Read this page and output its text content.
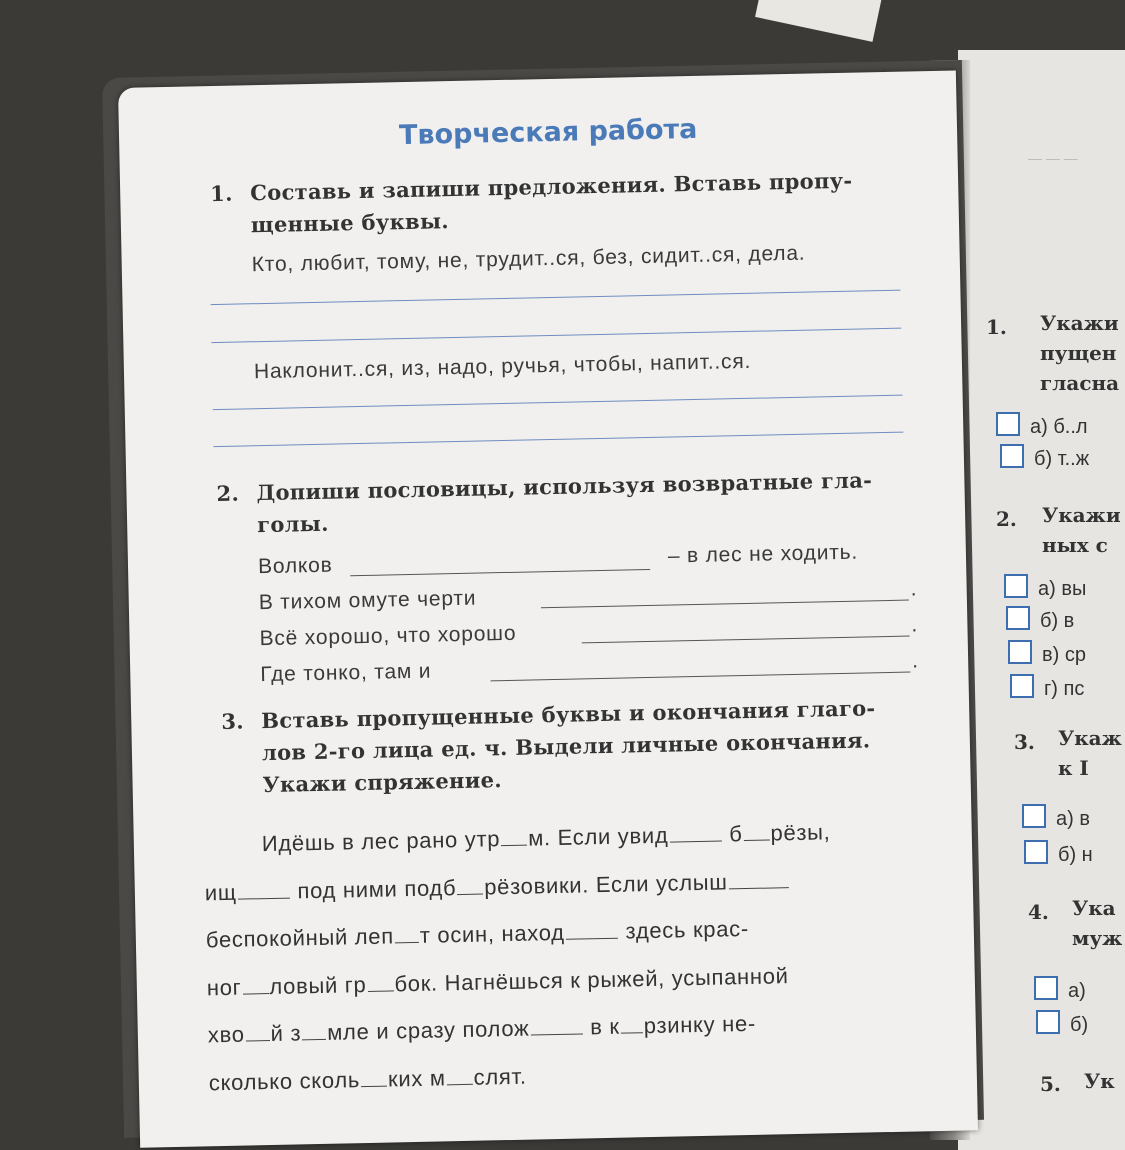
— — —
1. Укажи
пущен
гласна
а) б..л
б) т..ж
2. Укажи
ных с
а) вы
б) в
в) ср
г) пс
3. Укаж
к I
а) в
б) н
4. Ука
муж
а)
б)
5. Ук
Творческая работа
1. Составь и запиши предложения. Вставь пропу-
щенные буквы.
Кто, любит, тому, не, трудит..ся, без, сидит..ся, дела.
Наклонит..ся, из, надо, ручья, чтобы, напит..ся.
2. Допиши пословицы, используя возвратные гла-
голы.
Волков	– в лес не ходить.
В тихом омуте черти	.
Всё хорошо, что хорошо	.
Где тонко, там и	.
3. Вставь пропущенные буквы и окончания глаго-
лов 2-го лица ед. ч. Выдели личные окончания.
Укажи спряжение.

Идёшь в лес рано утр м. Если увид	б рёзы,

ищ	под ними подб рёзовики. Если услыш

беспокойный леп т осин, наход	здесь крас-

ног ловый гр бок. Нагнёшься к рыжей, усыпанной

хво й з мле и сразу полож	в к рзинку не-

сколько сколь ких м слят.
